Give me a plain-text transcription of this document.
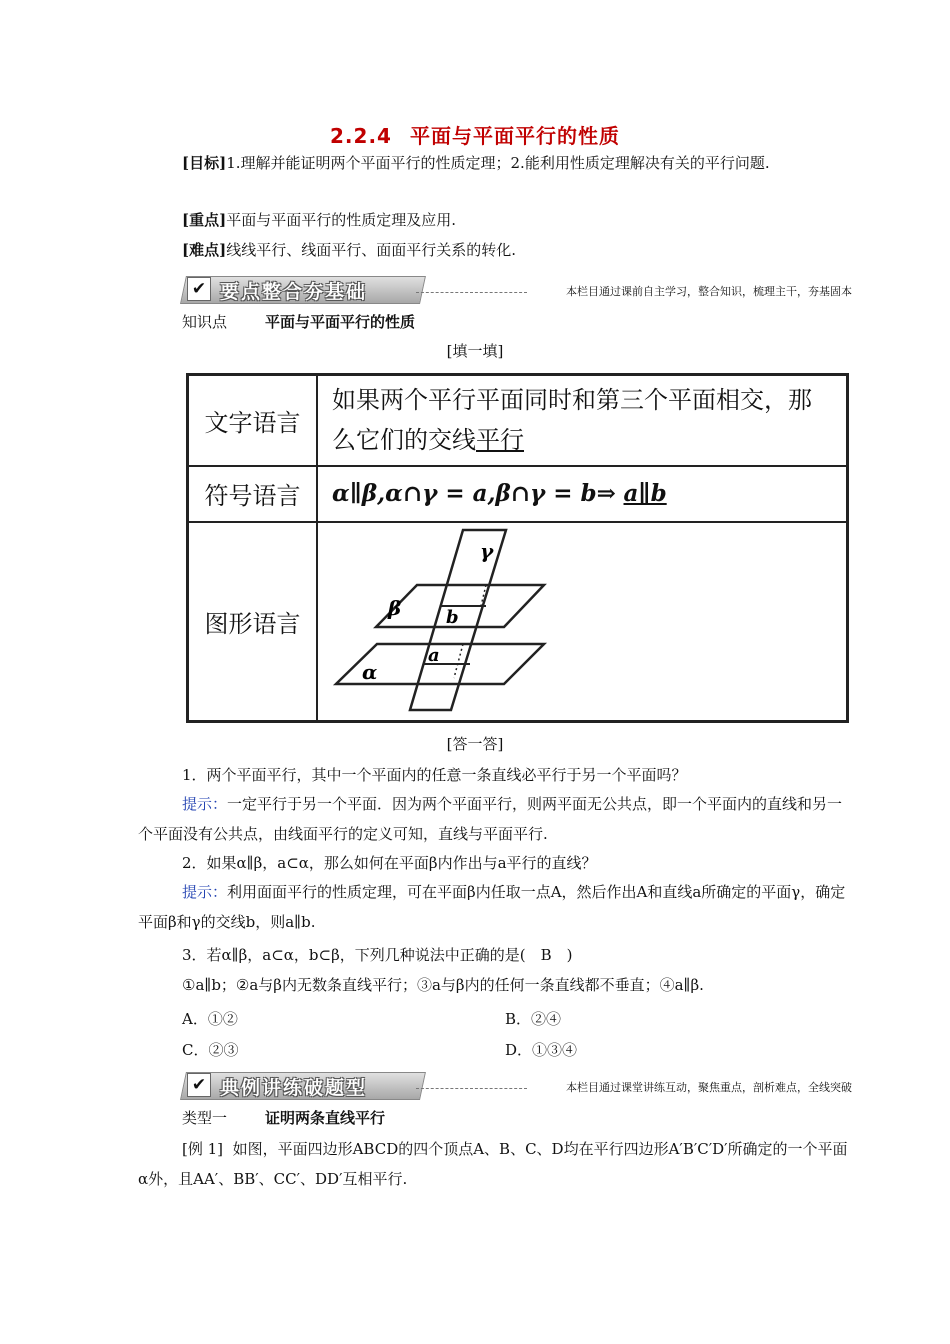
2.2.4 平面与平面平行的性质
[目标]1.理解并能证明两个平面平行的性质定理；2.能利用性质定理解决有关的平行问题.
[重点]平面与平面平行的性质定理及应用.
[难点]线线平行、线面平行、面面平行关系的转化.
✔ 要点整合夯基础	本栏目通过课前自主学习，整合知识，梳理主干，夯基固本
知识点	平面与平面平行的性质
[填一填]
文字语言	如果两个平行平面同时和第三个平面相交，那么它们的交线平行
符号语言	α∥β,α∩γ = a,β∩γ = b⇒ a∥b
图形语言	γ
β b
a
α
[答一答]
1．两个平面平行，其中一个平面内的任意一条直线必平行于另一个平面吗？
提示：一定平行于另一个平面．因为两个平面平行，则两平面无公共点，即一个平面内的直线和另一个平面没有公共点，由线面平行的定义可知，直线与平面平行.
2．如果α∥β，a⊂α，那么如何在平面β内作出与a平行的直线？
提示：利用面面平行的性质定理，可在平面β内任取一点A，然后作出A和直线a所确定的平面γ，确定平面β和γ的交线b，则a∥b.
3．若α∥β，a⊂α，b⊂β，下列几种说法中正确的是(　B　)
①a∥b；②a与β内无数条直线平行；③a与β内的任何一条直线都不垂直；④a∥β.
A．①②	B．②④
C．②③	D．①③④
✔ 典例讲练破题型	本栏目通过课堂讲练互动，聚焦重点，剖析难点，全线突破
类型一	证明两条直线平行
[例 1] 如图，平面四边形ABCD的四个顶点A、B、C、D均在平行四边形A′B′C′D′所确定的一个平面α外，且AA′、BB′、CC′、DD′互相平行.
